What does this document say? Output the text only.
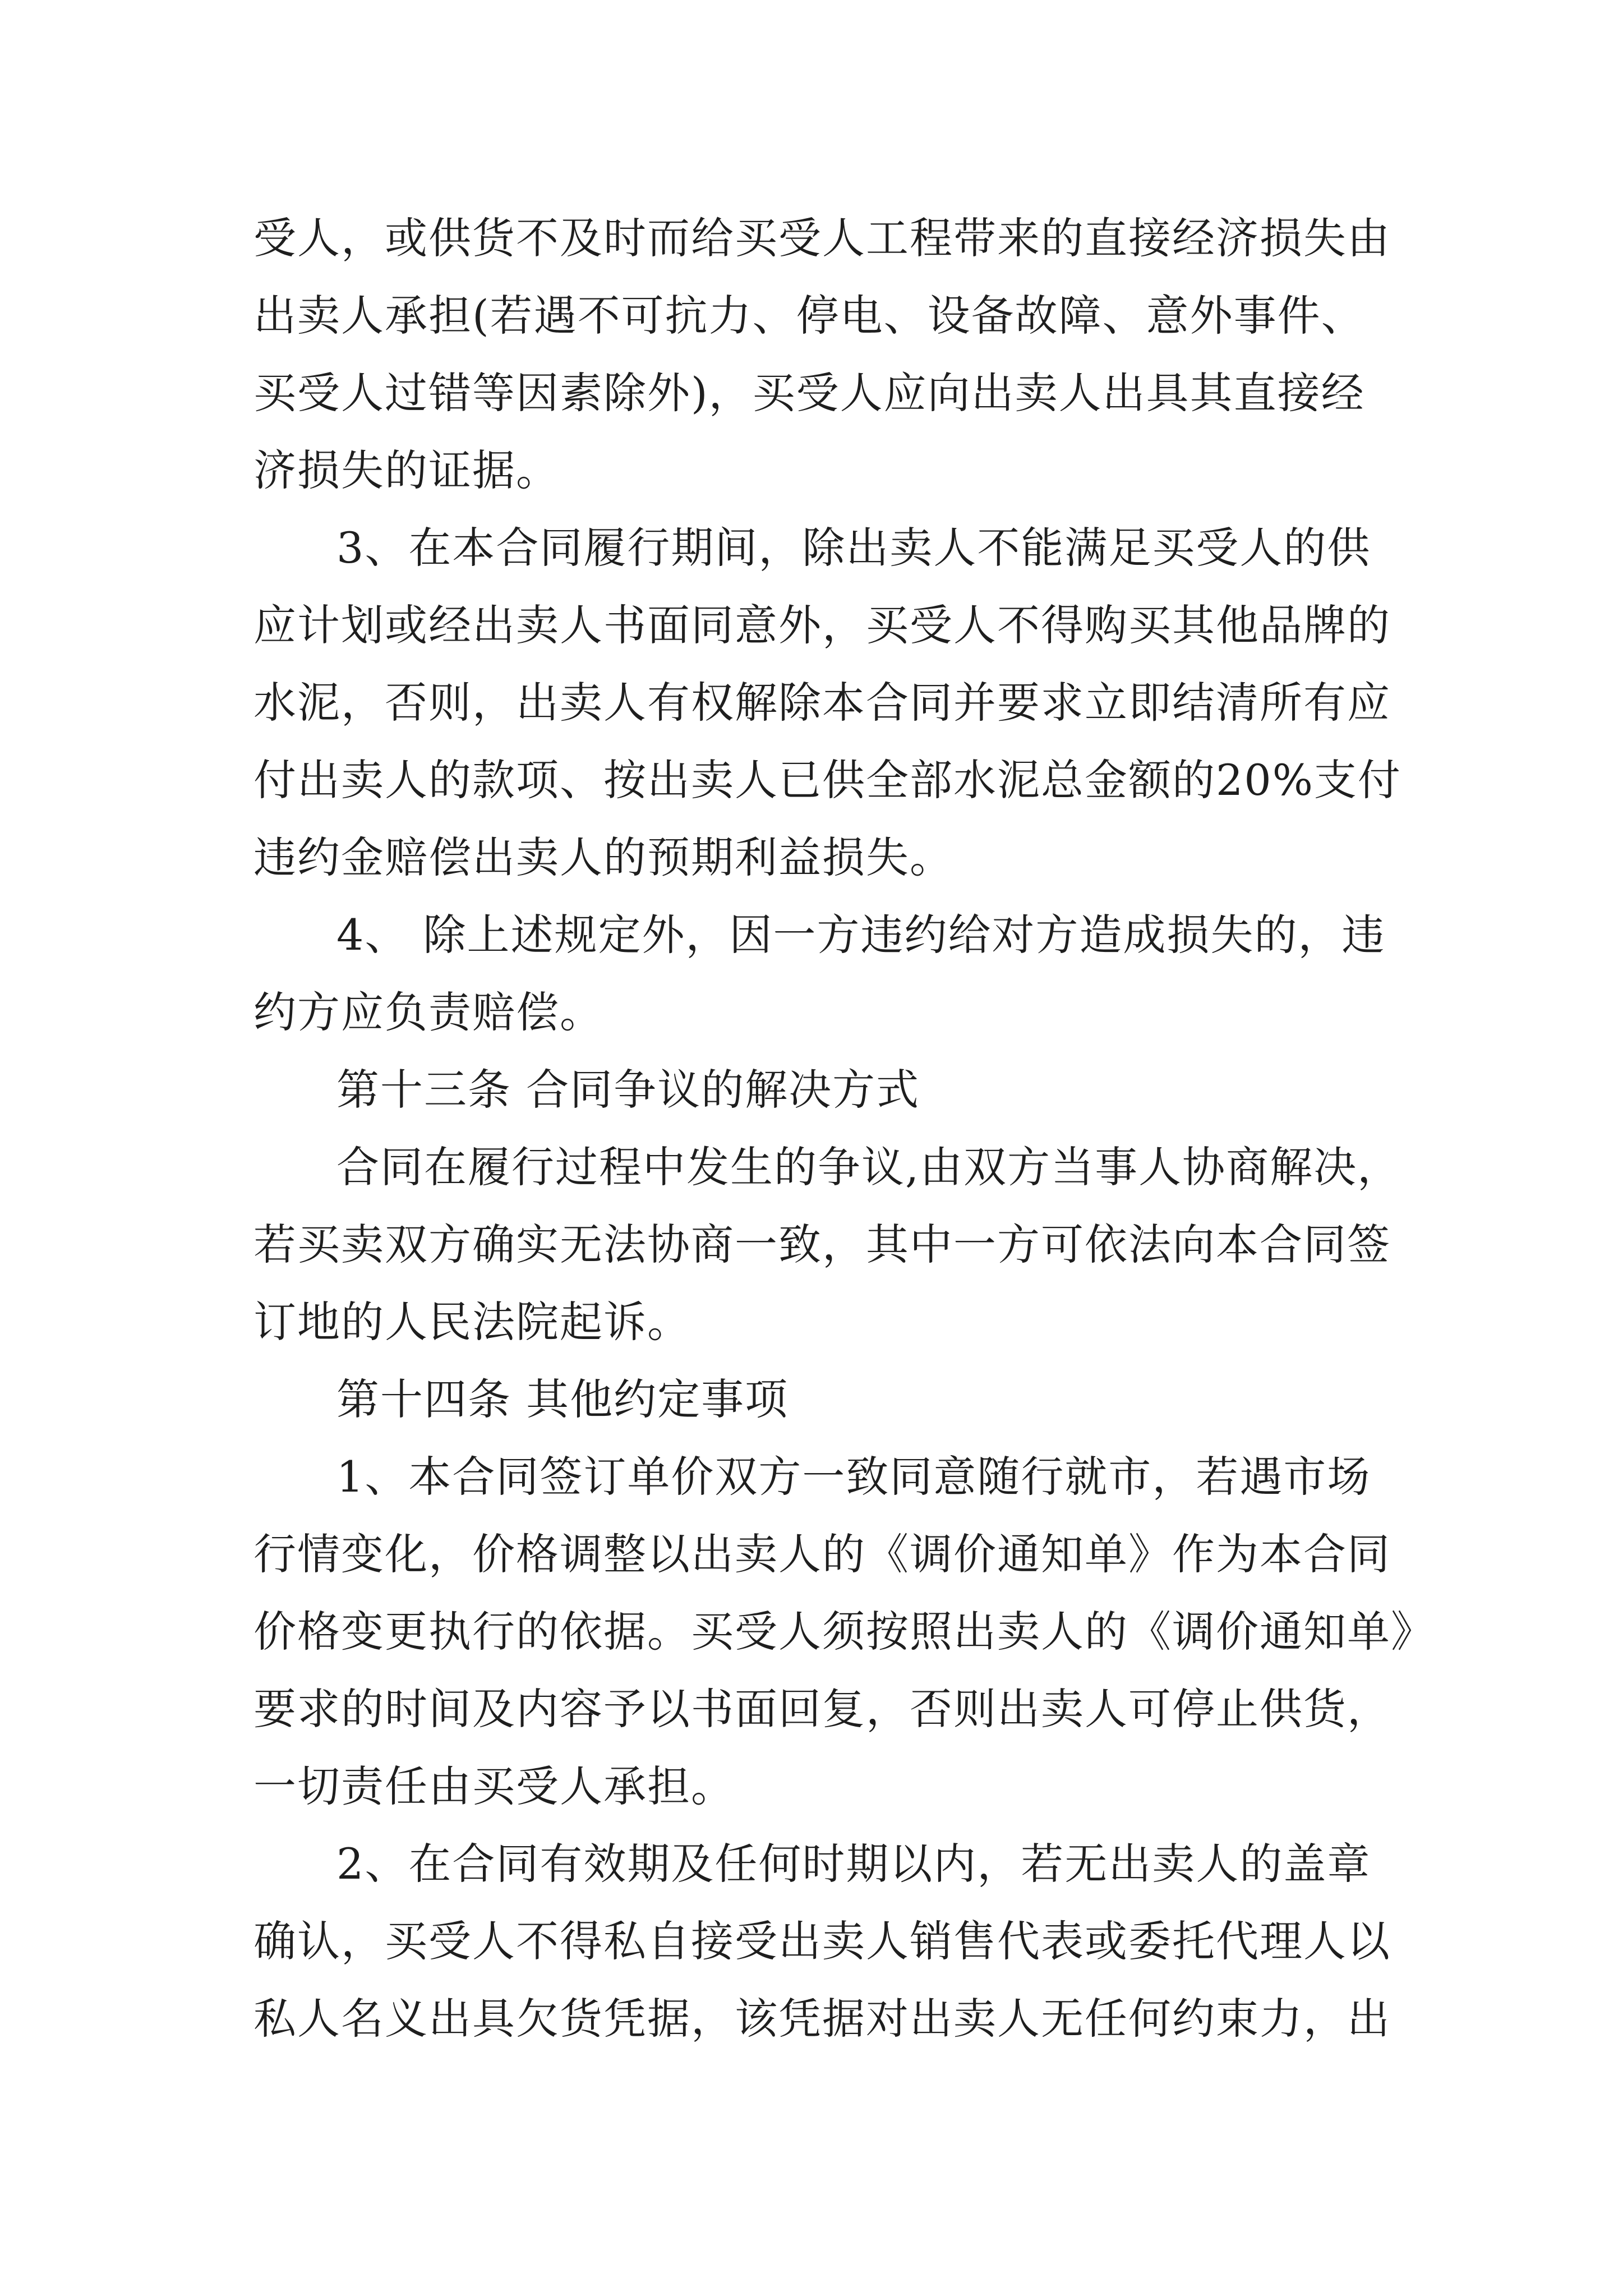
受人，或供货不及时而给买受人工程带来的直接经济损失由
出卖人承担(若遇不可抗力、停电、设备故障、意外事件、
买受人过错等因素除外)，买受人应向出卖人出具其直接经
济损失的证据。
3、在本合同履行期间，除出卖人不能满足买受人的供
应计划或经出卖人书面同意外，买受人不得购买其他品牌的
水泥，否则，出卖人有权解除本合同并要求立即结清所有应
付出卖人的款项、按出卖人已供全部水泥总金额的20%支付
违约金赔偿出卖人的预期利益损失。
4、 除上述规定外，因一方违约给对方造成损失的，违
约方应负责赔偿。
第十三条 合同争议的解决方式
合同在履行过程中发生的争议,由双方当事人协商解决，
若买卖双方确实无法协商一致，其中一方可依法向本合同签
订地的人民法院起诉。
第十四条 其他约定事项
1、本合同签订单价双方一致同意随行就市，若遇市场
行情变化，价格调整以出卖人的《调价通知单》作为本合同
价格变更执行的依据。买受人须按照出卖人的《调价通知单》
要求的时间及内容予以书面回复，否则出卖人可停止供货，
一切责任由买受人承担。
2、在合同有效期及任何时期以内，若无出卖人的盖章
确认，买受人不得私自接受出卖人销售代表或委托代理人以
私人名义出具欠货凭据，该凭据对出卖人无任何约束力，出
